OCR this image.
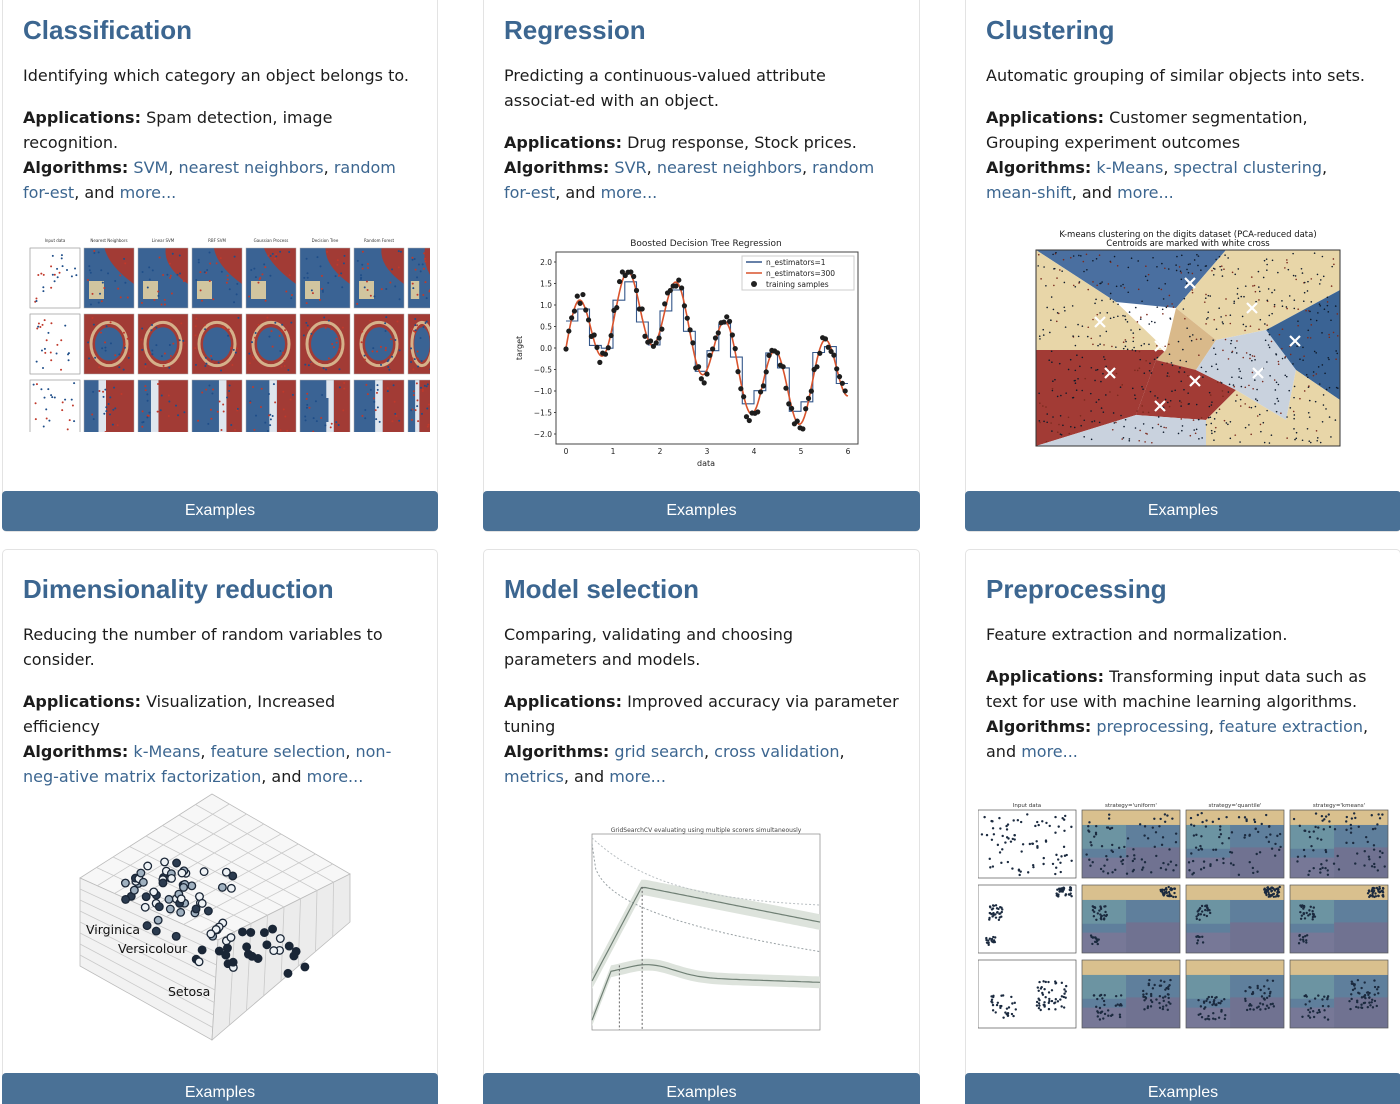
Classification

Identifying which category an object belongs to.

Applications: Spam detection, image recognition.

Algorithms: SVM, nearest neighbors, random for-est, and more...

Input data	Nearest Neighbors	Linear SVM	RBF SVM	Gaussian Process	Decision Tree	Random Forest
Examples
Regression

Predicting a continuous-valued attribute associat-ed with an object.

Applications: Drug response, Stock prices.

Algorithms: SVR, nearest neighbors, random for-est, and more...

Boosted Decision Tree Regression
2.0
1.5
1.0
0.5
0.0
−0.5
−1.0
−1.5
−2.0
0	1	2	3	4	5	6
target
data
n_estimators=1
n_estimators=300
training samples
Examples
Clustering

Automatic grouping of similar objects into sets.

Applications: Customer segmentation, Grouping experiment outcomes

Algorithms: k-Means, spectral clustering, mean-shift, and more...

K-means clustering on the digits dataset (PCA-reduced data)
Centroids are marked with white cross
Examples
Dimensionality reduction

Reducing the number of random variables to consider.

Applications: Visualization, Increased efficiency

Algorithms: k-Means, feature selection, non-neg-ative matrix factorization, and more...

Virginica
Versicolour
Setosa
Examples
Model selection

Comparing, validating and choosing parameters and models.

Applications: Improved accuracy via parameter tuning

Algorithms: grid search, cross validation, metrics, and more...

GridSearchCV evaluating using multiple scorers simultaneously
Examples
Preprocessing

Feature extraction and normalization.

Applications: Transforming input data such as text for use with machine learning algorithms.

Algorithms: preprocessing, feature extraction, and more...

Input data	strategy='uniform'	strategy='quantile'	strategy='kmeans'
Examples
